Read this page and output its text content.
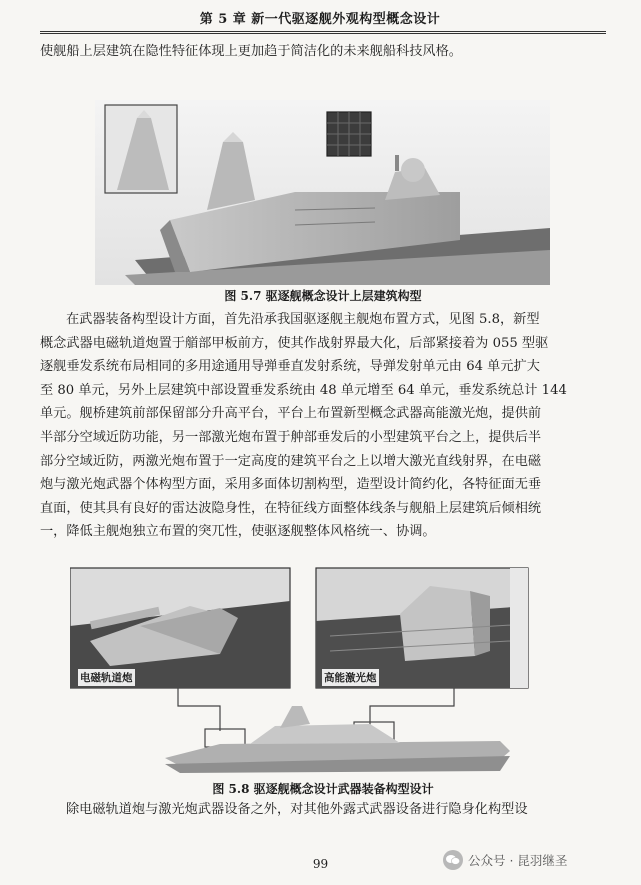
第 5 章 新一代驱逐舰外观构型概念设计
使舰船上层建筑在隐性特征体现上更加趋于简洁化的未来舰船科技风格。
图 5.7 驱逐舰概念设计上层建筑构型
在武器装备构型设计方面，首先沿承我国驱逐舰主舰炮布置方式，见图 5.8，新型
概念武器电磁轨道炮置于艏部甲板前方，使其作战射界最大化，后部紧接着为 055 型驱
逐舰垂发系统布局相同的多用途通用导弹垂直发射系统，导弹发射单元由 64 单元扩大
至 80 单元，另外上层建筑中部设置垂发系统由 48 单元增至 64 单元，垂发系统总计 144
单元。舰桥建筑前部保留部分升高平台，平台上布置新型概念武器高能激光炮，提供前
半部分空域近防功能，另一部激光炮布置于舯部垂发后的小型建筑平台之上，提供后半
部分空域近防，两激光炮布置于一定高度的建筑平台之上以增大激光直线射界，在电磁
炮与激光炮武器个体构型方面，采用多面体切割构型，造型设计简约化，各特征面无垂
直面，使其具有良好的雷达波隐身性，在特征线方面整体线条与舰船上层建筑后倾相统
一，降低主舰炮独立布置的突兀性，使驱逐舰整体风格统一、协调。
电磁轨道炮	高能激光炮
图 5.8 驱逐舰概念设计武器装备构型设计
除电磁轨道炮与激光炮武器设备之外，对其他外露式武器设备进行隐身化构型设
99	公众号 · 昆羽继圣
